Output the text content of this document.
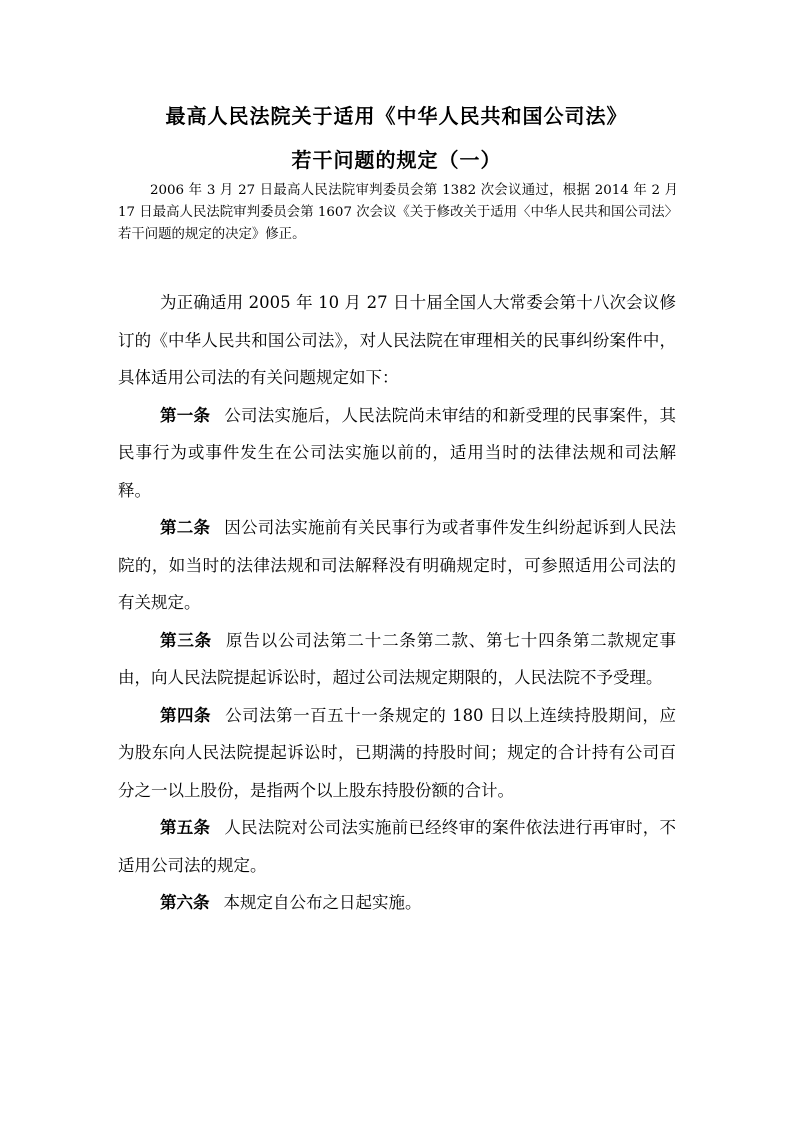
最高人民法院关于适用《中华人民共和国公司法》
若干问题的规定（一）
2006 年 3 月 27 日最高人民法院审判委员会第 1382 次会议通过，根据 2014 年 2 月 17 日最高人民法院审判委员会第 1607 次会议《关于修改关于适用〈中华人民共和国公司法〉若干问题的规定的决定》修正。

为正确适用 2005 年 10 月 27 日十届全国人大常委会第十八次会议修订的《中华人民共和国公司法》，对人民法院在审理相关的民事纠纷案件中，具体适用公司法的有关问题规定如下：

第一条 公司法实施后，人民法院尚未审结的和新受理的民事案件，其民事行为或事件发生在公司法实施以前的，适用当时的法律法规和司法解释。

第二条 因公司法实施前有关民事行为或者事件发生纠纷起诉到人民法院的，如当时的法律法规和司法解释没有明确规定时，可参照适用公司法的有关规定。

第三条 原告以公司法第二十二条第二款、第七十四条第二款规定事由，向人民法院提起诉讼时，超过公司法规定期限的，人民法院不予受理。

第四条 公司法第一百五十一条规定的 180 日以上连续持股期间，应为股东向人民法院提起诉讼时，已期满的持股时间；规定的合计持有公司百分之一以上股份，是指两个以上股东持股份额的合计。

第五条 人民法院对公司法实施前已经终审的案件依法进行再审时，不适用公司法的规定。

第六条 本规定自公布之日起实施。
